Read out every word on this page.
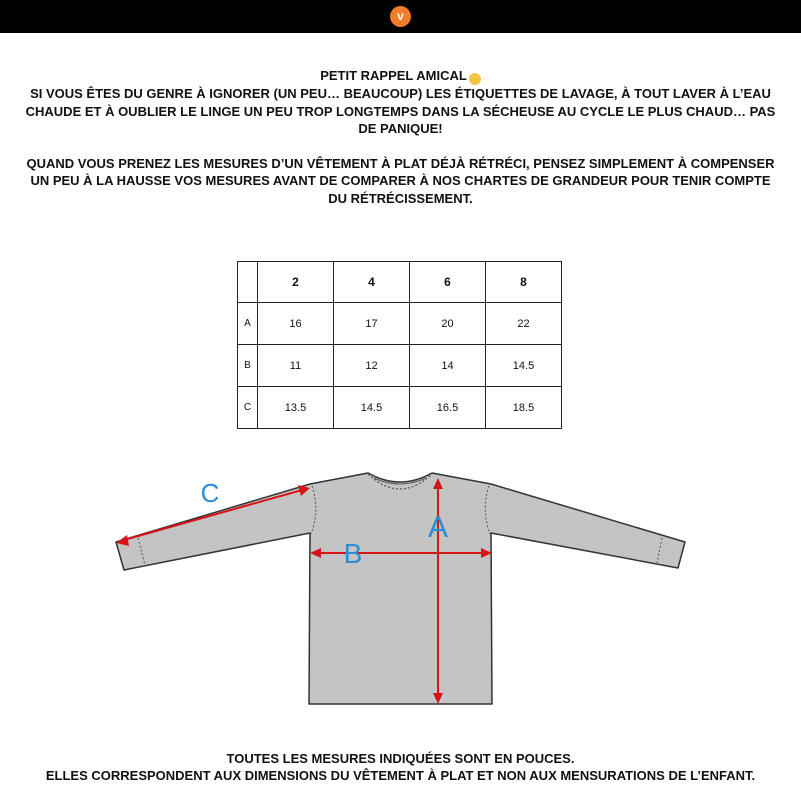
v

PETIT RAPPEL AMICAL

SI VOUS ÊTES DU GENRE À IGNORER (UN PEU… BEAUCOUP) LES ÉTIQUETTES DE LAVAGE, À TOUT LAVER À L’EAU CHAUDE ET À OUBLIER LE LINGE UN PEU TROP LONGTEMPS DANS LA SÉCHEUSE AU CYCLE LE PLUS CHAUD… PAS DE PANIQUE!

QUAND VOUS PRENEZ LES MESURES D’UN VÊTEMENT À PLAT DÉJÀ RÉTRÉCI, PENSEZ SIMPLEMENT À COMPENSER UN PEU À LA HAUSSE VOS MESURES AVANT DE COMPARER À NOS CHARTES DE GRANDEUR POUR TENIR COMPTE DU RÉTRÉCISSEMENT.

	2	4	6	8
A	16	17	20	22
B	11	12	14	14.5
C	13.5	14.5	16.5	18.5
C
B
A

TOUTES LES MESURES INDIQUÉES SONT EN POUCES.

ELLES CORRESPONDENT AUX DIMENSIONS DU VÊTEMENT À PLAT ET NON AUX MENSURATIONS DE L’ENFANT.
